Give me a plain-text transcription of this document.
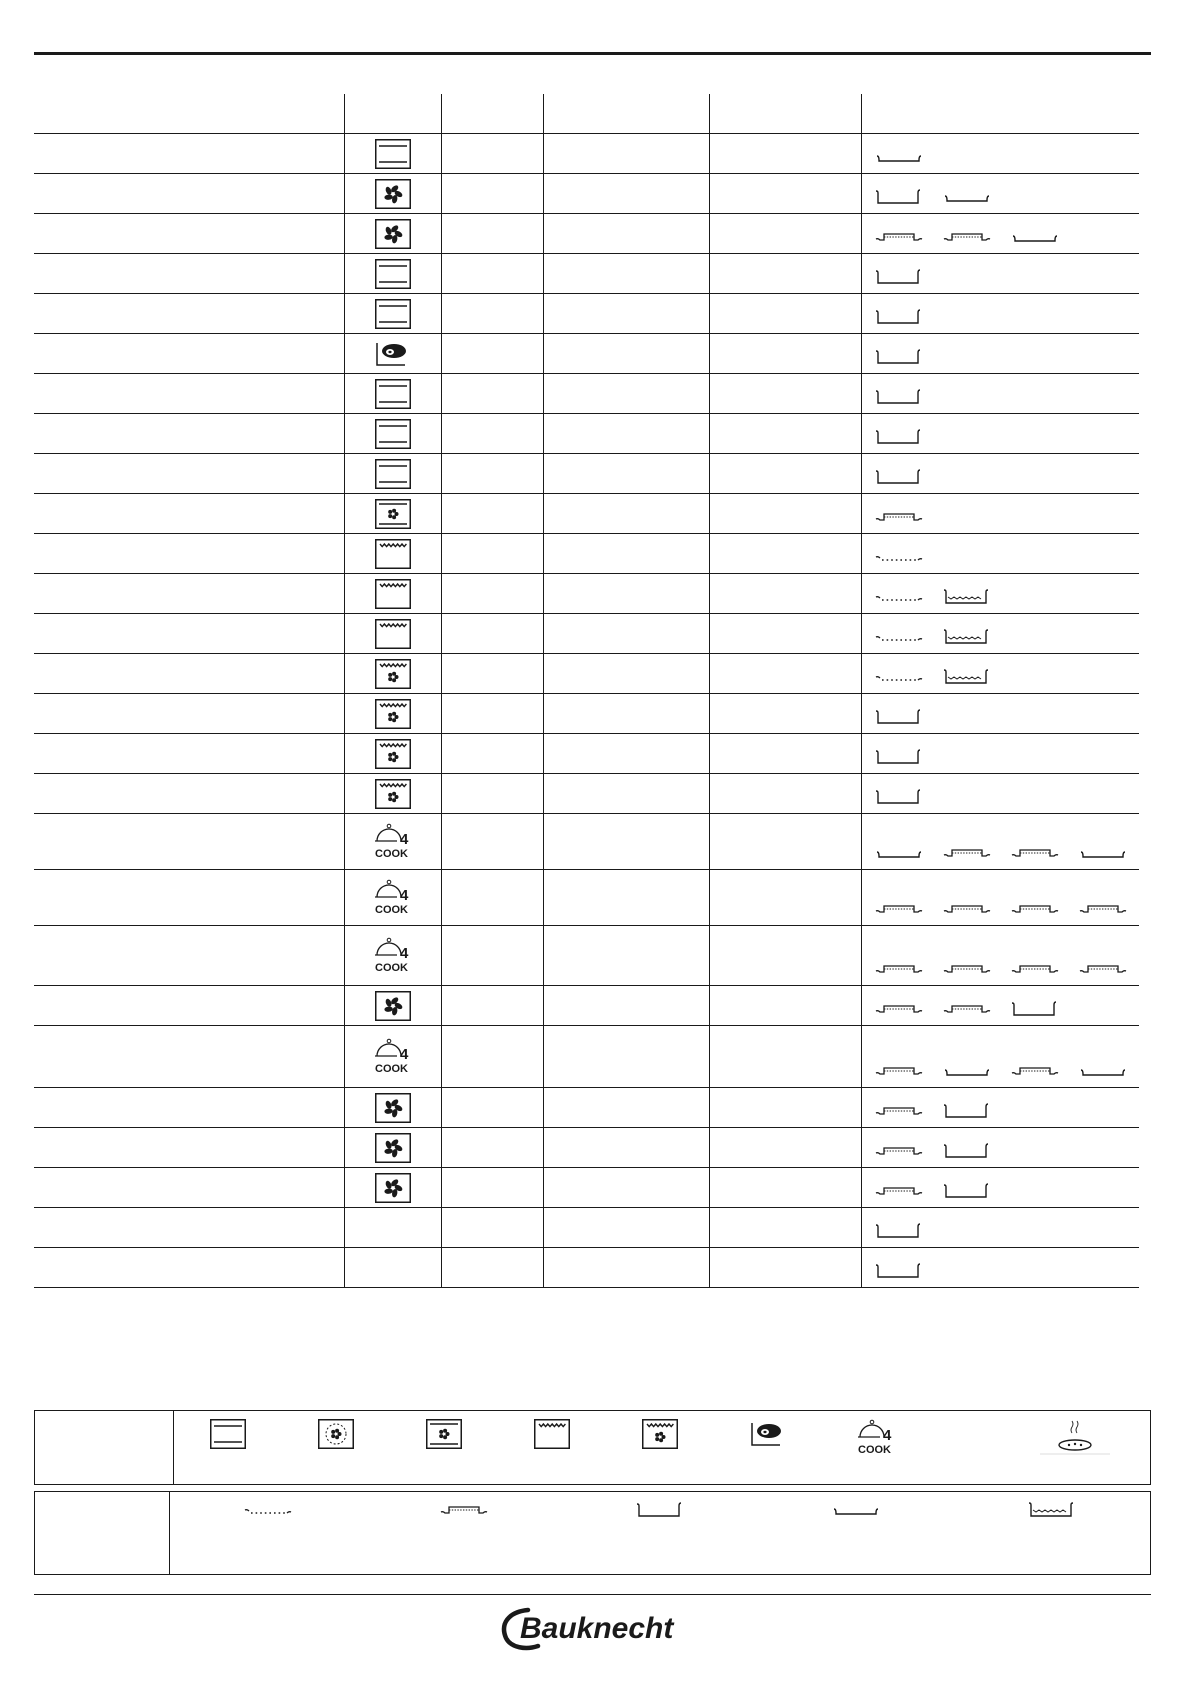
4
COOK
4
COOK
4
COOK
4
COOK
4
COOK
Bauknecht
